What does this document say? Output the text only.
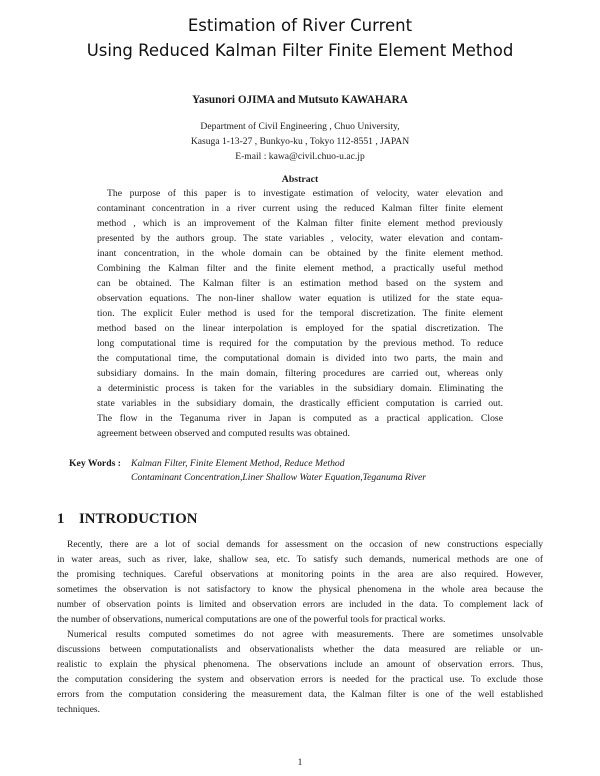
Estimation of River Current
Using Reduced Kalman Filter Finite Element Method
Yasunori OJIMA and Mutsuto KAWAHARA
Department of Civil Engineering , Chuo University,
Kasuga 1-13-27 , Bunkyo-ku , Tokyo 112-8551 , JAPAN
E-mail : kawa@civil.chuo-u.ac.jp
Abstract
The purpose of this paper is to investigate estimation of velocity, water elevation and
contaminant concentration in a river current using the reduced Kalman filter finite element
method , which is an improvement of the Kalman filter finite element method previously
presented by the authors group. The state variables , velocity, water elevation and contam-
inant concentration, in the whole domain can be obtained by the finite element method.
Combining the Kalman filter and the finite element method, a practically useful method
can be obtained. The Kalman filter is an estimation method based on the system and
observation equations. The non-liner shallow water equation is utilized for the state equa-
tion. The explicit Euler method is used for the temporal discretization. The finite element
method based on the linear interpolation is employed for the spatial discretization. The
long computational time is required for the computation by the previous method. To reduce
the computational time, the computational domain is divided into two parts, the main and
subsidiary domains. In the main domain, filtering procedures are carried out, whereas only
a deterministic process is taken for the variables in the subsidiary domain. Eliminating the
state variables in the subsidiary domain, the drastically efficient computation is carried out.
The flow in the Teganuma river in Japan is computed as a practical application. Close
agreement between observed and computed results was obtained.
Key Words : Kalman Filter, Finite Element Method, Reduce Method
Contaminant Concentration,Liner Shallow Water Equation,Teganuma River
1 INTRODUCTION
Recently, there are a lot of social demands for assessment on the occasion of new constructions especially
in water areas, such as river, lake, shallow sea, etc. To satisfy such demands, numerical methods are one of
the promising techniques. Careful observations at monitoring points in the area are also required. However,
sometimes the observation is not satisfactory to know the physical phenomena in the whole area because the
number of observation points is limited and observation errors are included in the data. To complement lack of
the number of observations, numerical computations are one of the powerful tools for practical works.
Numerical results computed sometimes do not agree with measurements. There are sometimes unsolvable
discussions between computationalists and observationalists whether the data measured are reliable or un-
realistic to explain the physical phenomena. The observations include an amount of observation errors. Thus,
the computation considering the system and observation errors is needed for the practical use. To exclude those
errors from the computation considering the measurement data, the Kalman filter is one of the well established
techniques.
1
